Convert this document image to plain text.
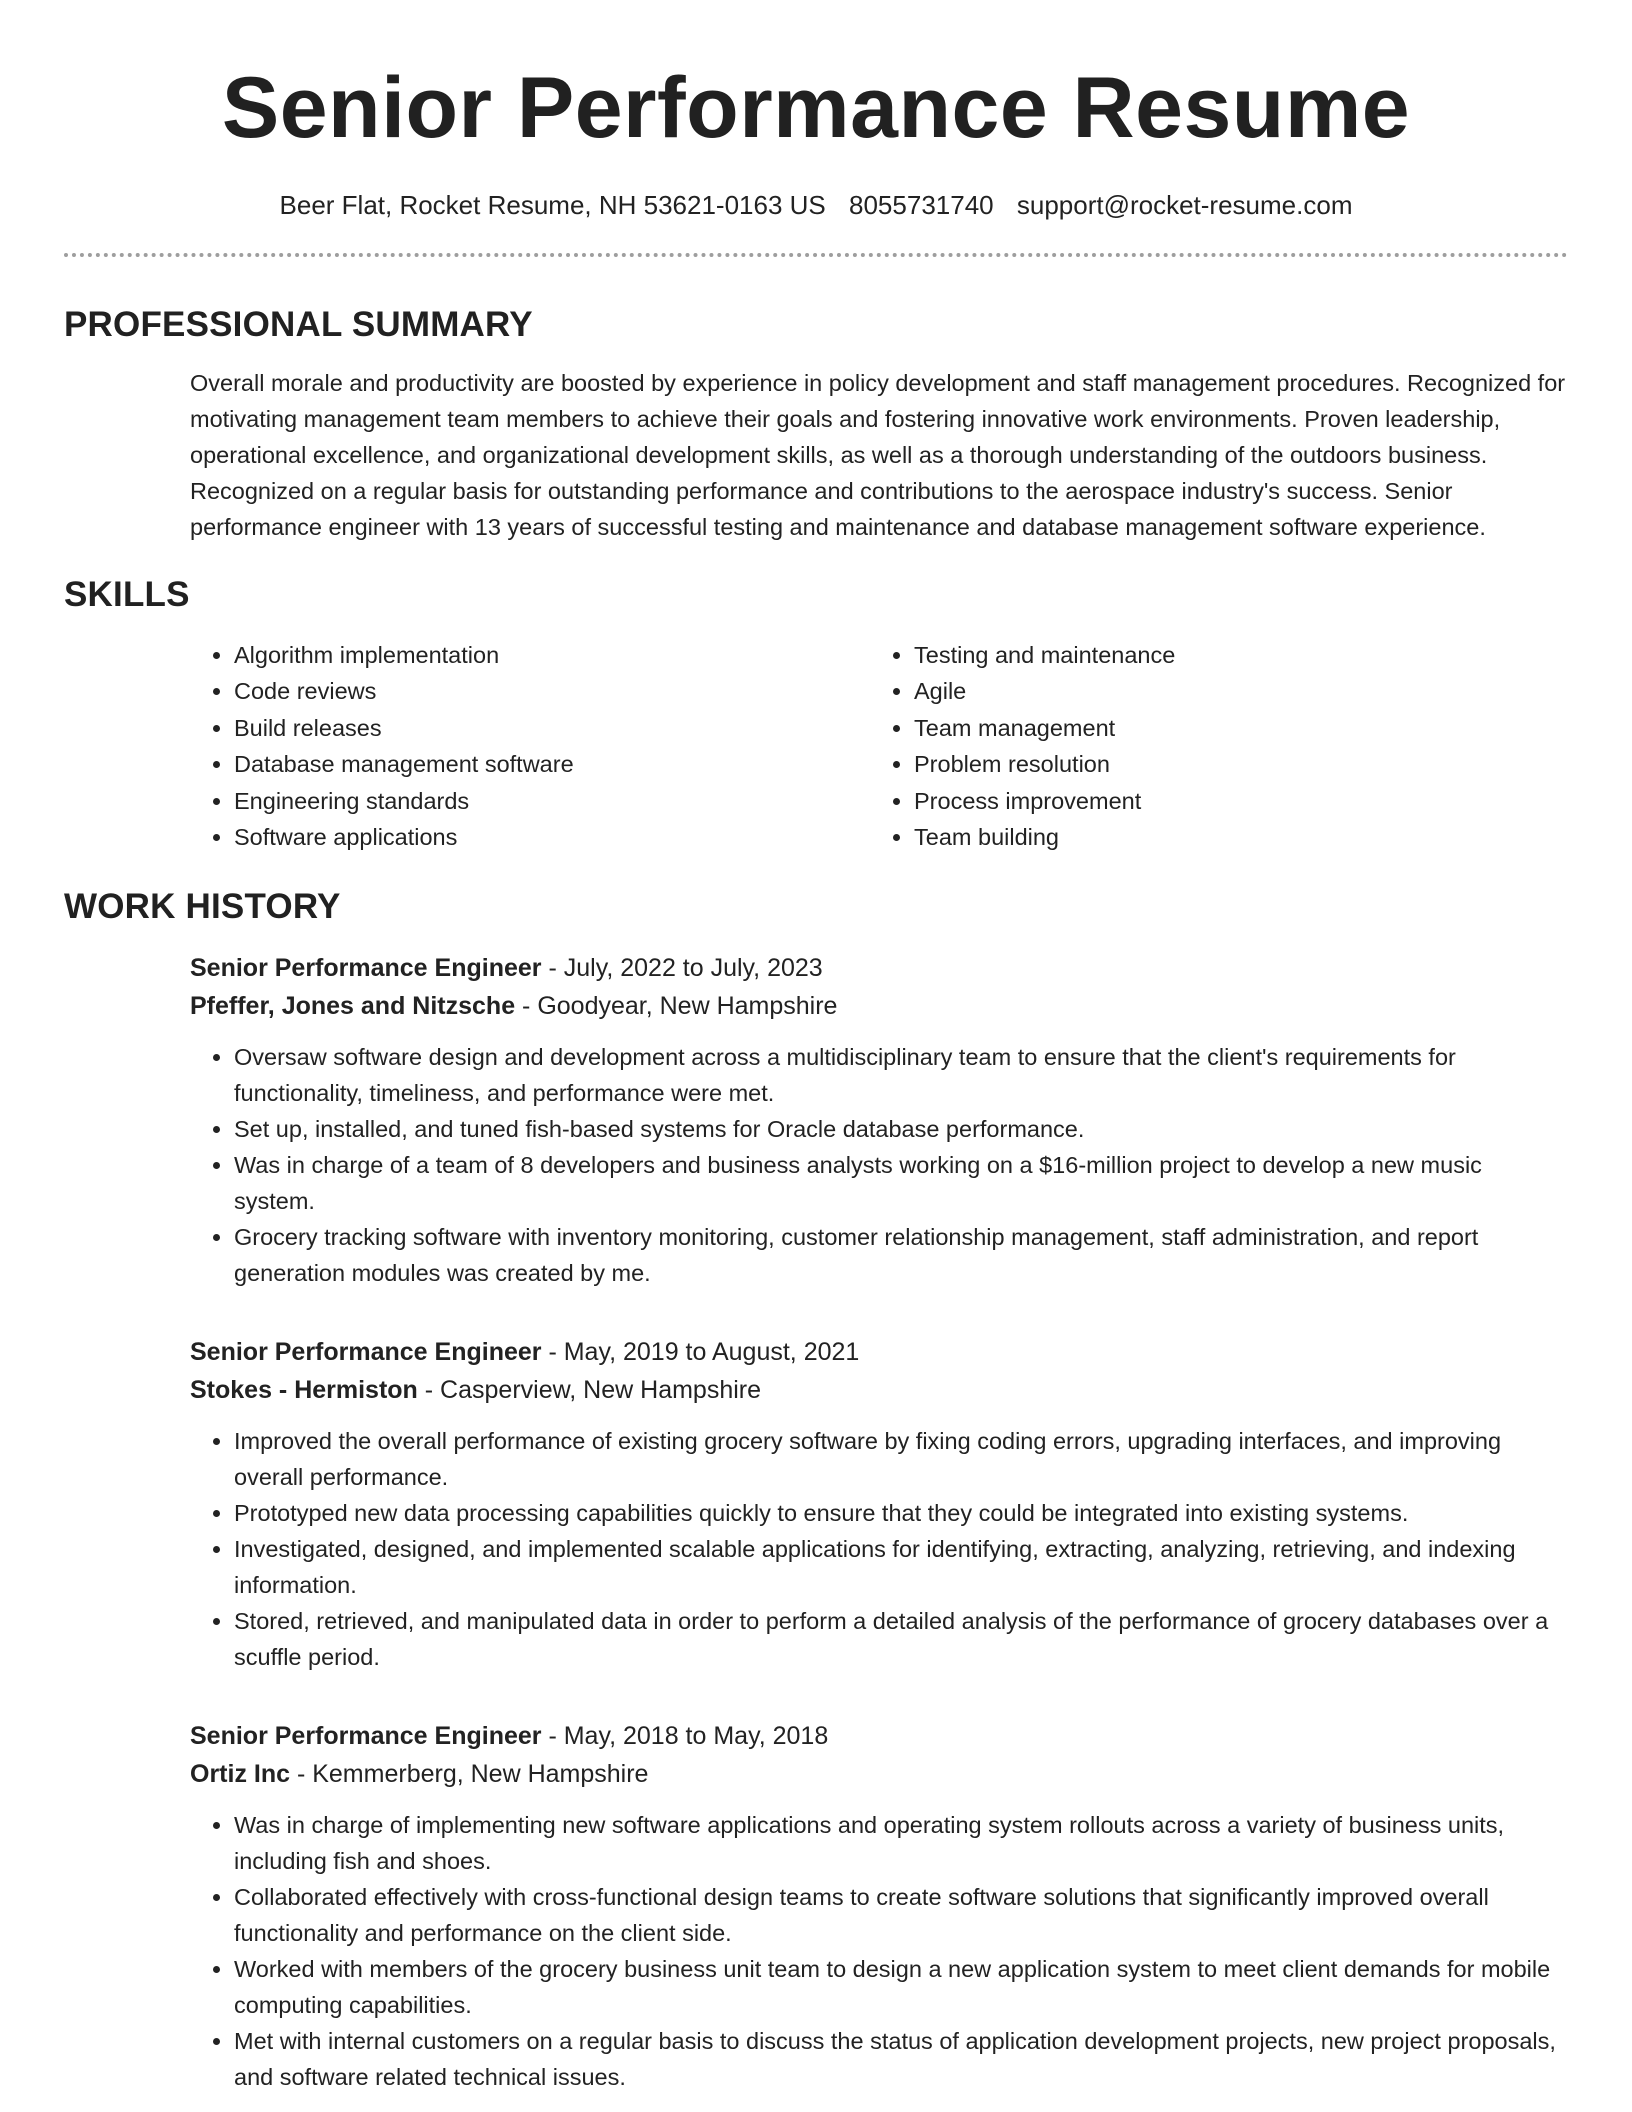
Senior Performance Resume
Beer Flat, Rocket Resume, NH 53621-0163 US 8055731740 support@rocket-resume.com
PROFESSIONAL SUMMARY

Overall morale and productivity are boosted by experience in policy development and staff management procedures. Recognized for motivating management team members to achieve their goals and fostering innovative work environments. Proven leadership, operational excellence, and organizational development skills, as well as a thorough understanding of the outdoors business. Recognized on a regular basis for outstanding performance and contributions to the aerospace industry's success. Senior performance engineer with 13 years of successful testing and maintenance and database management software experience.

SKILLS
• Algorithm implementation
• Code reviews
• Build releases
• Database management software
• Engineering standards
• Software applications
• Testing and maintenance
• Agile
• Team management
• Problem resolution
• Process improvement
• Team building
WORK HISTORY
Senior Performance Engineer - July, 2022 to July, 2023
Pfeffer, Jones and Nitzsche - Goodyear, New Hampshire
• Oversaw software design and development across a multidisciplinary team to ensure that the client's requirements for functionality, timeliness, and performance were met.
• Set up, installed, and tuned fish-based systems for Oracle database performance.
• Was in charge of a team of 8 developers and business analysts working on a $16-million project to develop a new music system.
• Grocery tracking software with inventory monitoring, customer relationship management, staff administration, and report generation modules was created by me.
Senior Performance Engineer - May, 2019 to August, 2021
Stokes - Hermiston - Casperview, New Hampshire
• Improved the overall performance of existing grocery software by fixing coding errors, upgrading interfaces, and improving overall performance.
• Prototyped new data processing capabilities quickly to ensure that they could be integrated into existing systems.
• Investigated, designed, and implemented scalable applications for identifying, extracting, analyzing, retrieving, and indexing information.
• Stored, retrieved, and manipulated data in order to perform a detailed analysis of the performance of grocery databases over a scuffle period.
Senior Performance Engineer - May, 2018 to May, 2018
Ortiz Inc - Kemmerberg, New Hampshire
• Was in charge of implementing new software applications and operating system rollouts across a variety of business units, including fish and shoes.
• Collaborated effectively with cross-functional design teams to create software solutions that significantly improved overall functionality and performance on the client side.
• Worked with members of the grocery business unit team to design a new application system to meet client demands for mobile computing capabilities.
• Met with internal customers on a regular basis to discuss the status of application development projects, new project proposals, and software related technical issues.
